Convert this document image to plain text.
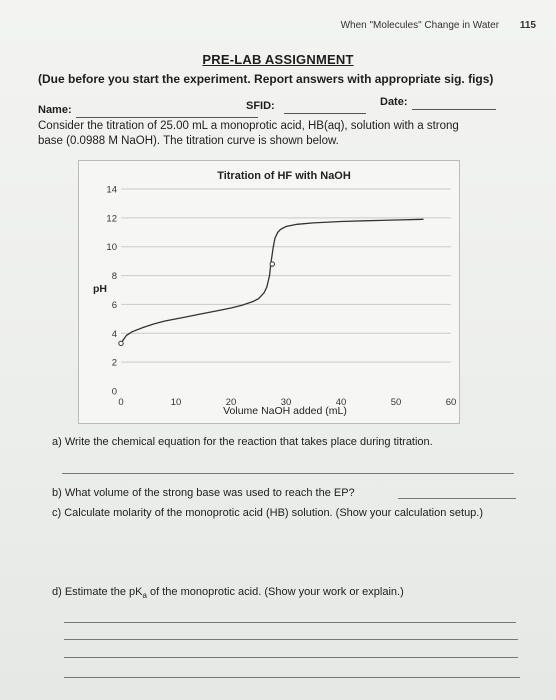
When "Molecules" Change in Water 115
PRE-LAB ASSIGNMENT
(Due before you start the experiment. Report answers with appropriate sig. figs)
Name:	SFID:	Date:
Consider the titration of 25.00 mL a monoprotic acid, HB(aq), solution with a strong base (0.0988 M NaOH). The titration curve is shown below.
Titration of HF with NaOH
0
2
4
6
8
10
12
14
0	10	20	30	40	50	60
pH
Volume NaOH added (mL)
a) Write the chemical equation for the reaction that takes place during titration.
b) What volume of the strong base was used to reach the EP?
c) Calculate molarity of the monoprotic acid (HB) solution. (Show your calculation setup.)
d) Estimate the $pK_a$ of the monoprotic acid. (Show your work or explain.)
